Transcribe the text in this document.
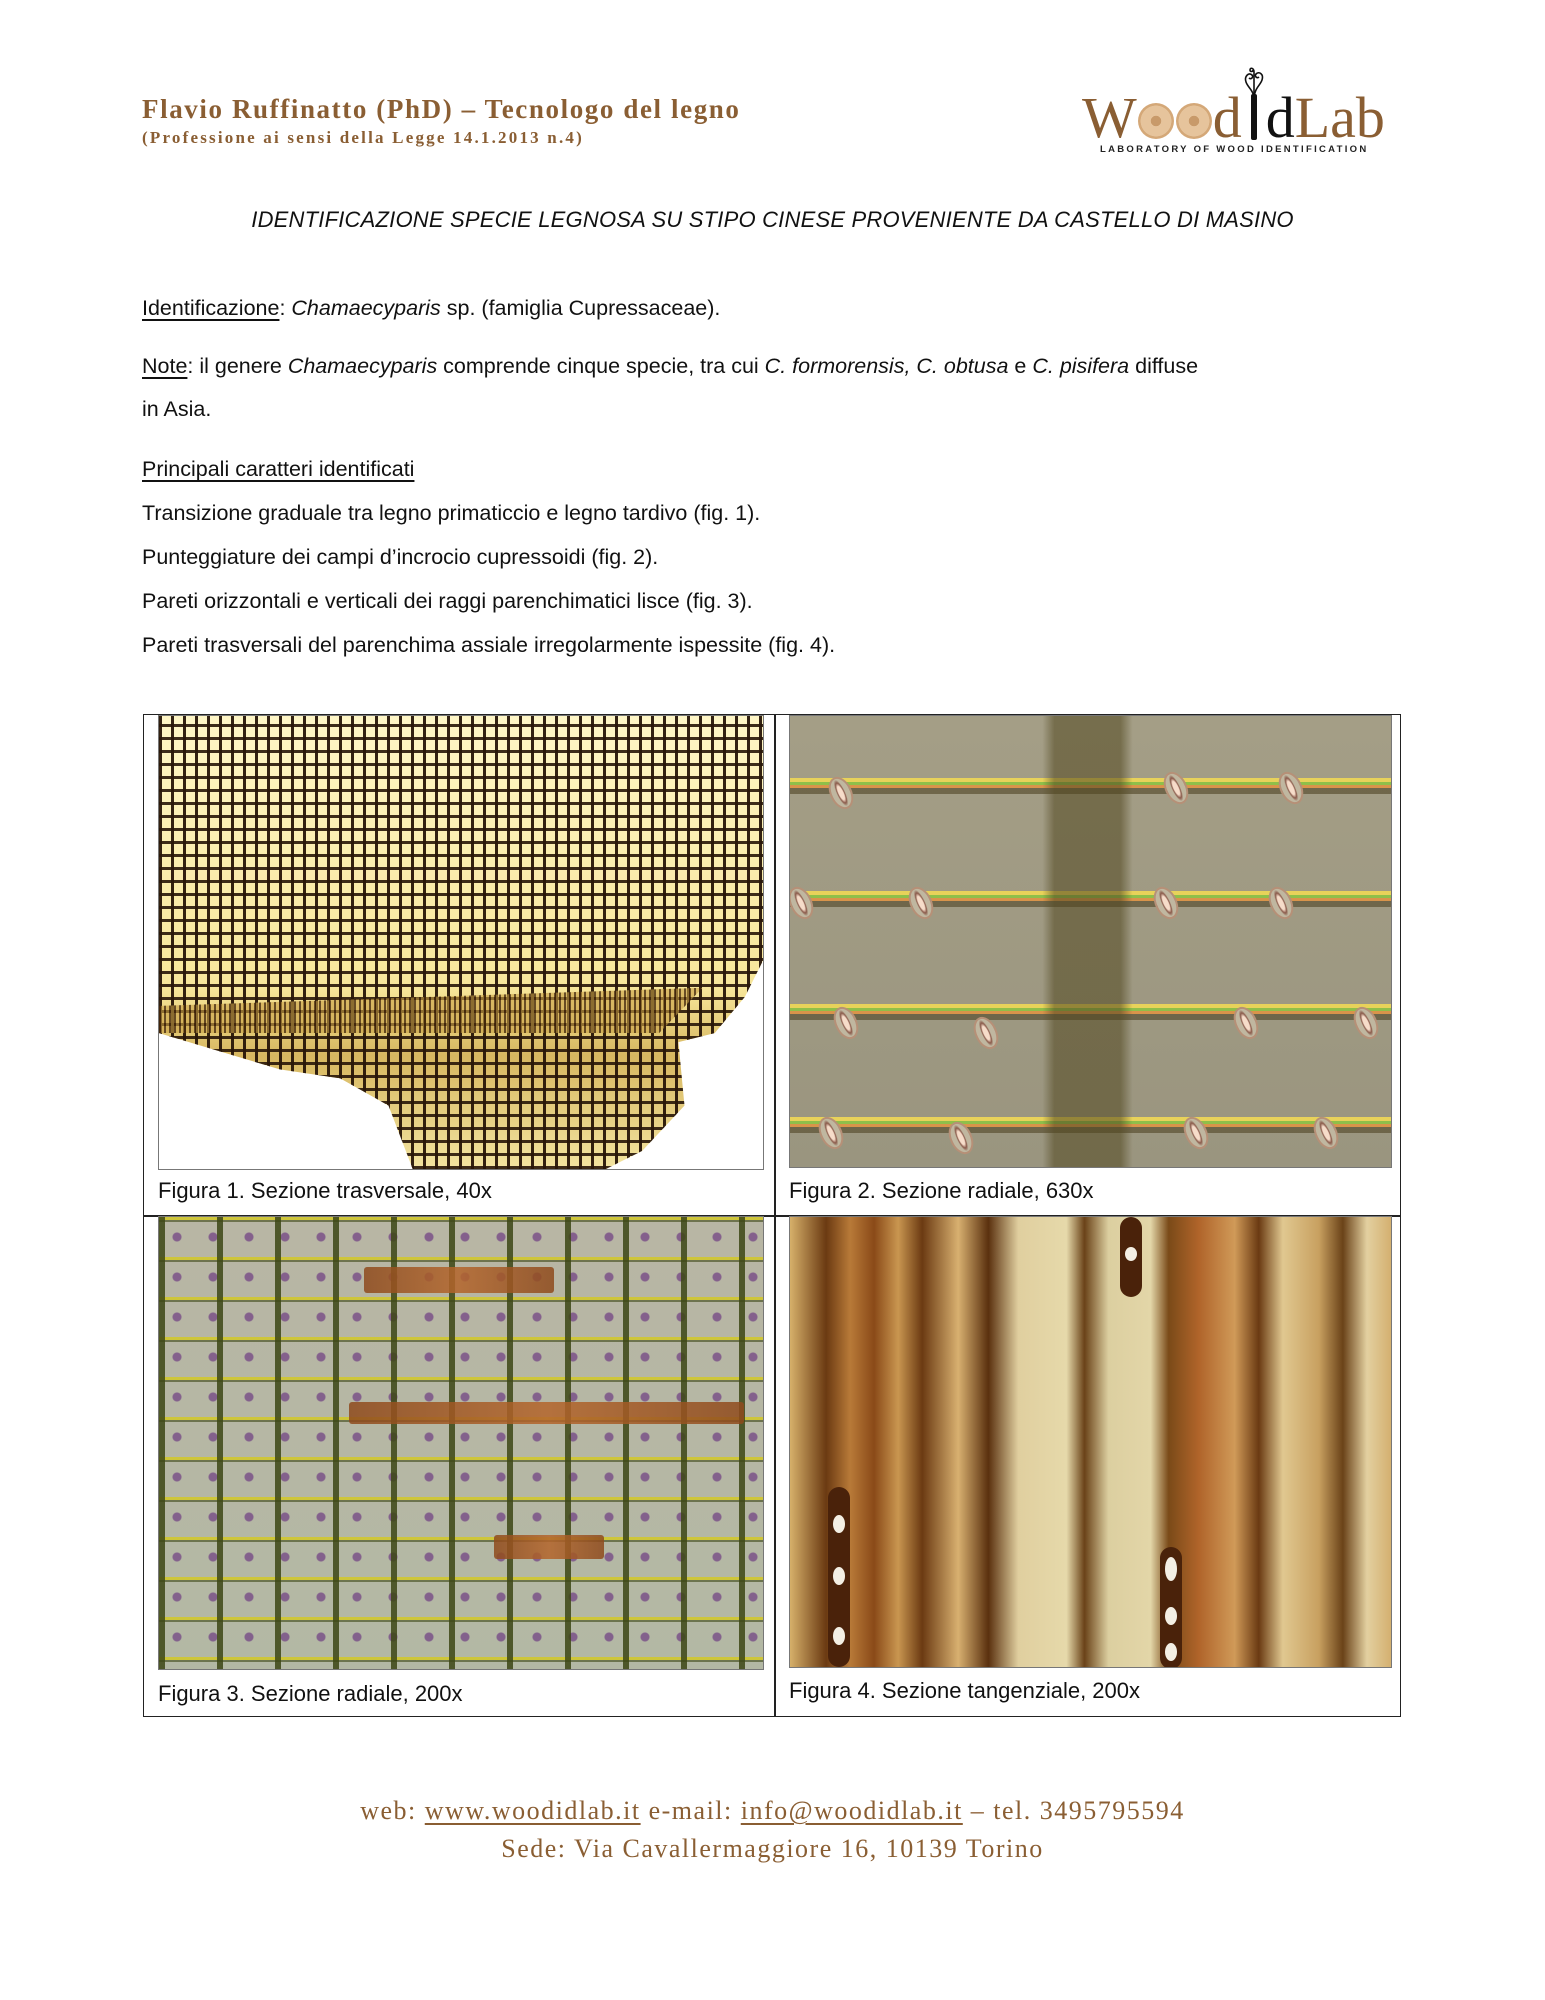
Flavio Ruffinatto (PhD) – Tecnologo del legno
(Professione ai sensi della Legge 14.1.2013 n.4)	W d
d Lab
LABORATORY OF WOOD IDENTIFICATION
IDENTIFICAZIONE SPECIE LEGNOSA SU STIPO CINESE PROVENIENTE DA CASTELLO DI MASINO
Identificazione: Chamaecyparis sp. (famiglia Cupressaceae).
Note: il genere Chamaecyparis comprende cinque specie, tra cui C. formorensis, C. obtusa e C. pisifera diffuse
in Asia.
Principali caratteri identificati
Transizione graduale tra legno primaticcio e legno tardivo (fig. 1).
Punteggiature dei campi d’incrocio cupressoidi (fig. 2).
Pareti orizzontali e verticali dei raggi parenchimatici lisce (fig. 3).
Pareti trasversali del parenchima assiale irregolarmente ispessite (fig. 4).
Figura 1. Sezione trasversale, 40x	Figura 2. Sezione radiale, 630x
Figura 3. Sezione radiale, 200x	Figura 4. Sezione tangenziale, 200x
web: www.woodidlab.it e-mail: info@woodidlab.it – tel. 3495795594
Sede: Via Cavallermaggiore 16, 10139 Torino
